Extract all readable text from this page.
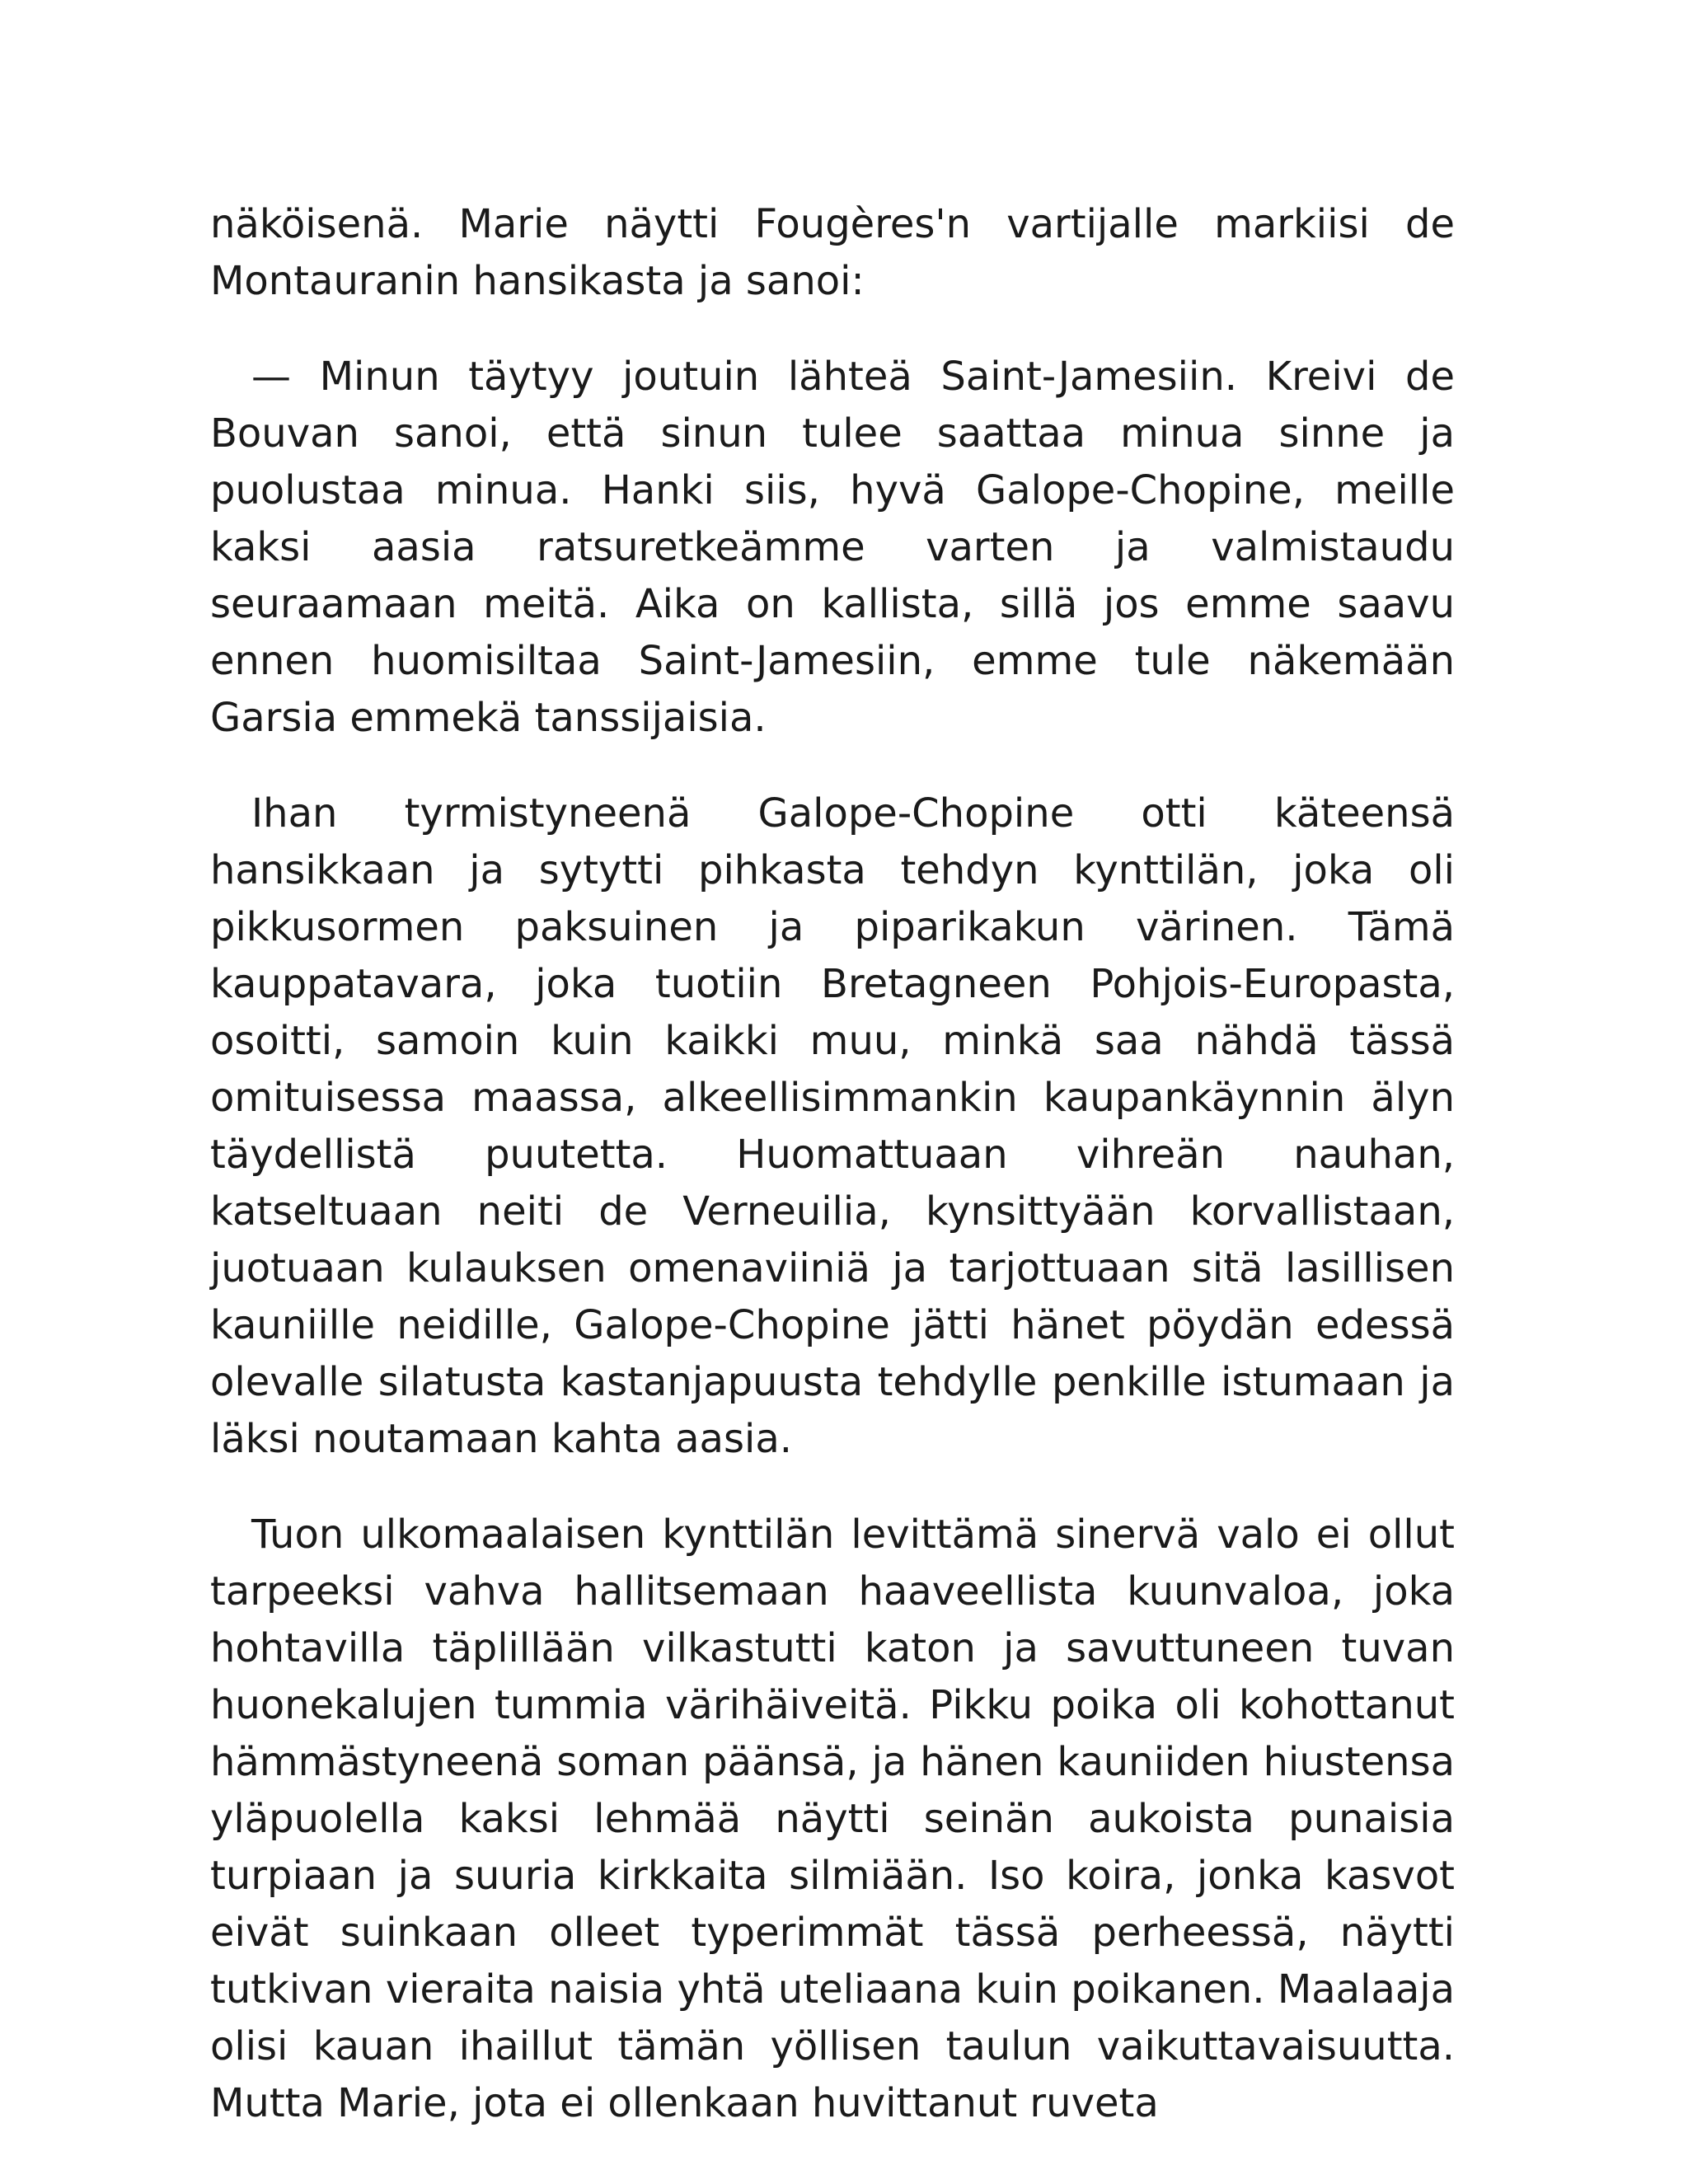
näköisenä. Marie näytti Fougères'n vartijalle markiisi de Montauranin hansikasta ja sanoi:

— Minun täytyy joutuin lähteä Saint-Jamesiin. Kreivi de Bouvan sanoi, että sinun tulee saattaa minua sinne ja puolustaa minua. Hanki siis, hyvä Galope-Chopine, meille kaksi aasia ratsuretkeämme varten ja valmistaudu seuraamaan meitä. Aika on kallista, sillä jos emme saavu ennen huomisiltaa Saint-Jamesiin, emme tule näkemään Garsia emmekä tanssijaisia.

Ihan tyrmistyneenä Galope-Chopine otti käteensä hansikkaan ja sytytti pihkasta tehdyn kynttilän, joka oli pikkusormen paksuinen ja piparikakun värinen. Tämä kauppatavara, joka tuotiin Bretagneen Pohjois-Europasta, osoitti, samoin kuin kaikki muu, minkä saa nähdä tässä omituisessa maassa, alkeellisimmankin kaupankäynnin älyn täydellistä puutetta. Huomattuaan vihreän nauhan, katseltuaan neiti de Verneuilia, kynsittyään korvallistaan, juotuaan kulauksen omenaviiniä ja tarjottuaan sitä lasillisen kauniille neidille, Galope-Chopine jätti hänet pöydän edessä olevalle silatusta kastanjapuusta tehdylle penkille istumaan ja läksi noutamaan kahta aasia.

Tuon ulkomaalaisen kynttilän levittämä sinervä valo ei ollut tarpeeksi vahva hallitsemaan haaveellista kuunvaloa, joka hohtavilla täplillään vilkastutti katon ja savuttuneen tuvan huonekalujen tummia värihäiveitä. Pikku poika oli kohottanut hämmästyneenä soman päänsä, ja hänen kauniiden hiustensa yläpuolella kaksi lehmää näytti seinän aukoista punaisia turpiaan ja suuria kirkkaita silmiään. Iso koira, jonka kasvot eivät suinkaan olleet typerimmät tässä perheessä, näytti tutkivan vieraita naisia yhtä uteliaana kuin poikanen. Maalaaja olisi kauan ihaillut tämän yöllisen taulun vaikuttavaisuutta. Mutta Marie, jota ei ollenkaan huvittanut ruveta
